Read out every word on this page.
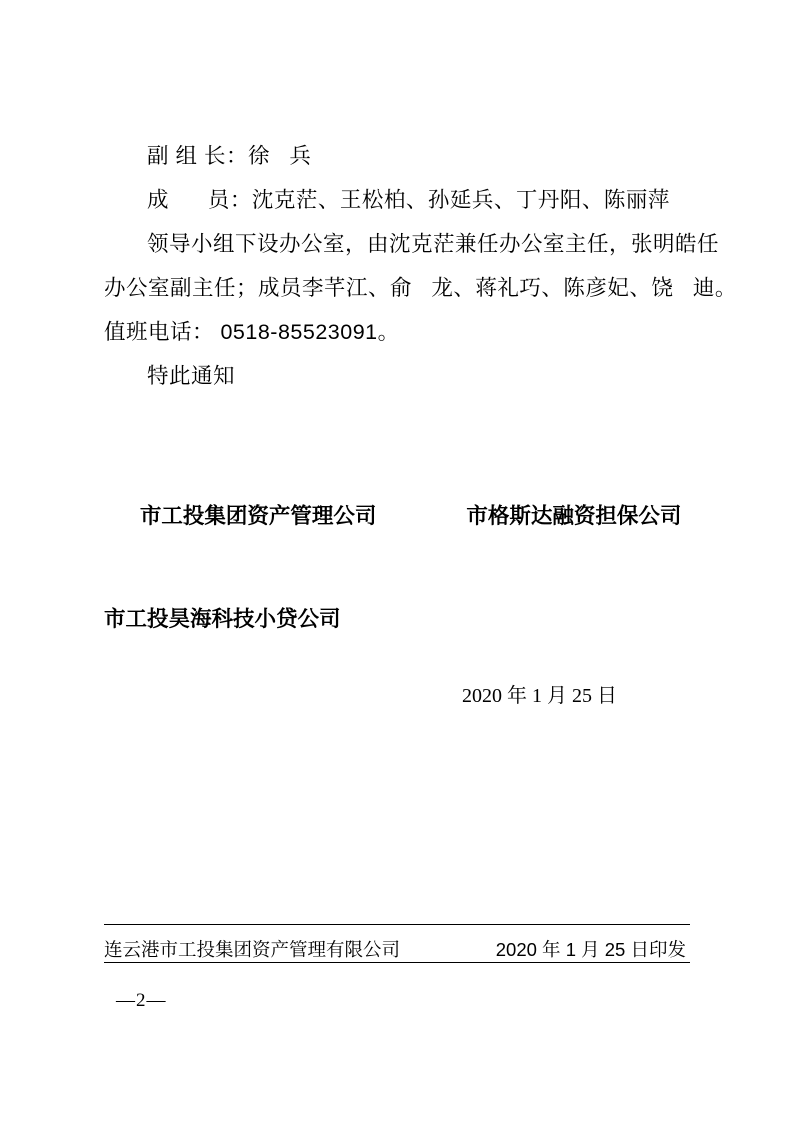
副 组 长：徐   兵
成      员：沈克茫、王松柏、孙延兵、丁丹阳、陈丽萍
领导小组下设办公室，由沈克茫兼任办公室主任，张明皓任
办公室副主任；成员李芊江、俞   龙、蒋礼巧、陈彦妃、饶   迪。
值班电话： 0518-85523091。
特此通知

市工投集团资产管理公司	市格斯达融资担保公司

市工投昊海科技小贷公司
2020 年 1 月 25 日
连云港市工投集团资产管理有限公司	2020 年 1 月 25 日印发
—2—
